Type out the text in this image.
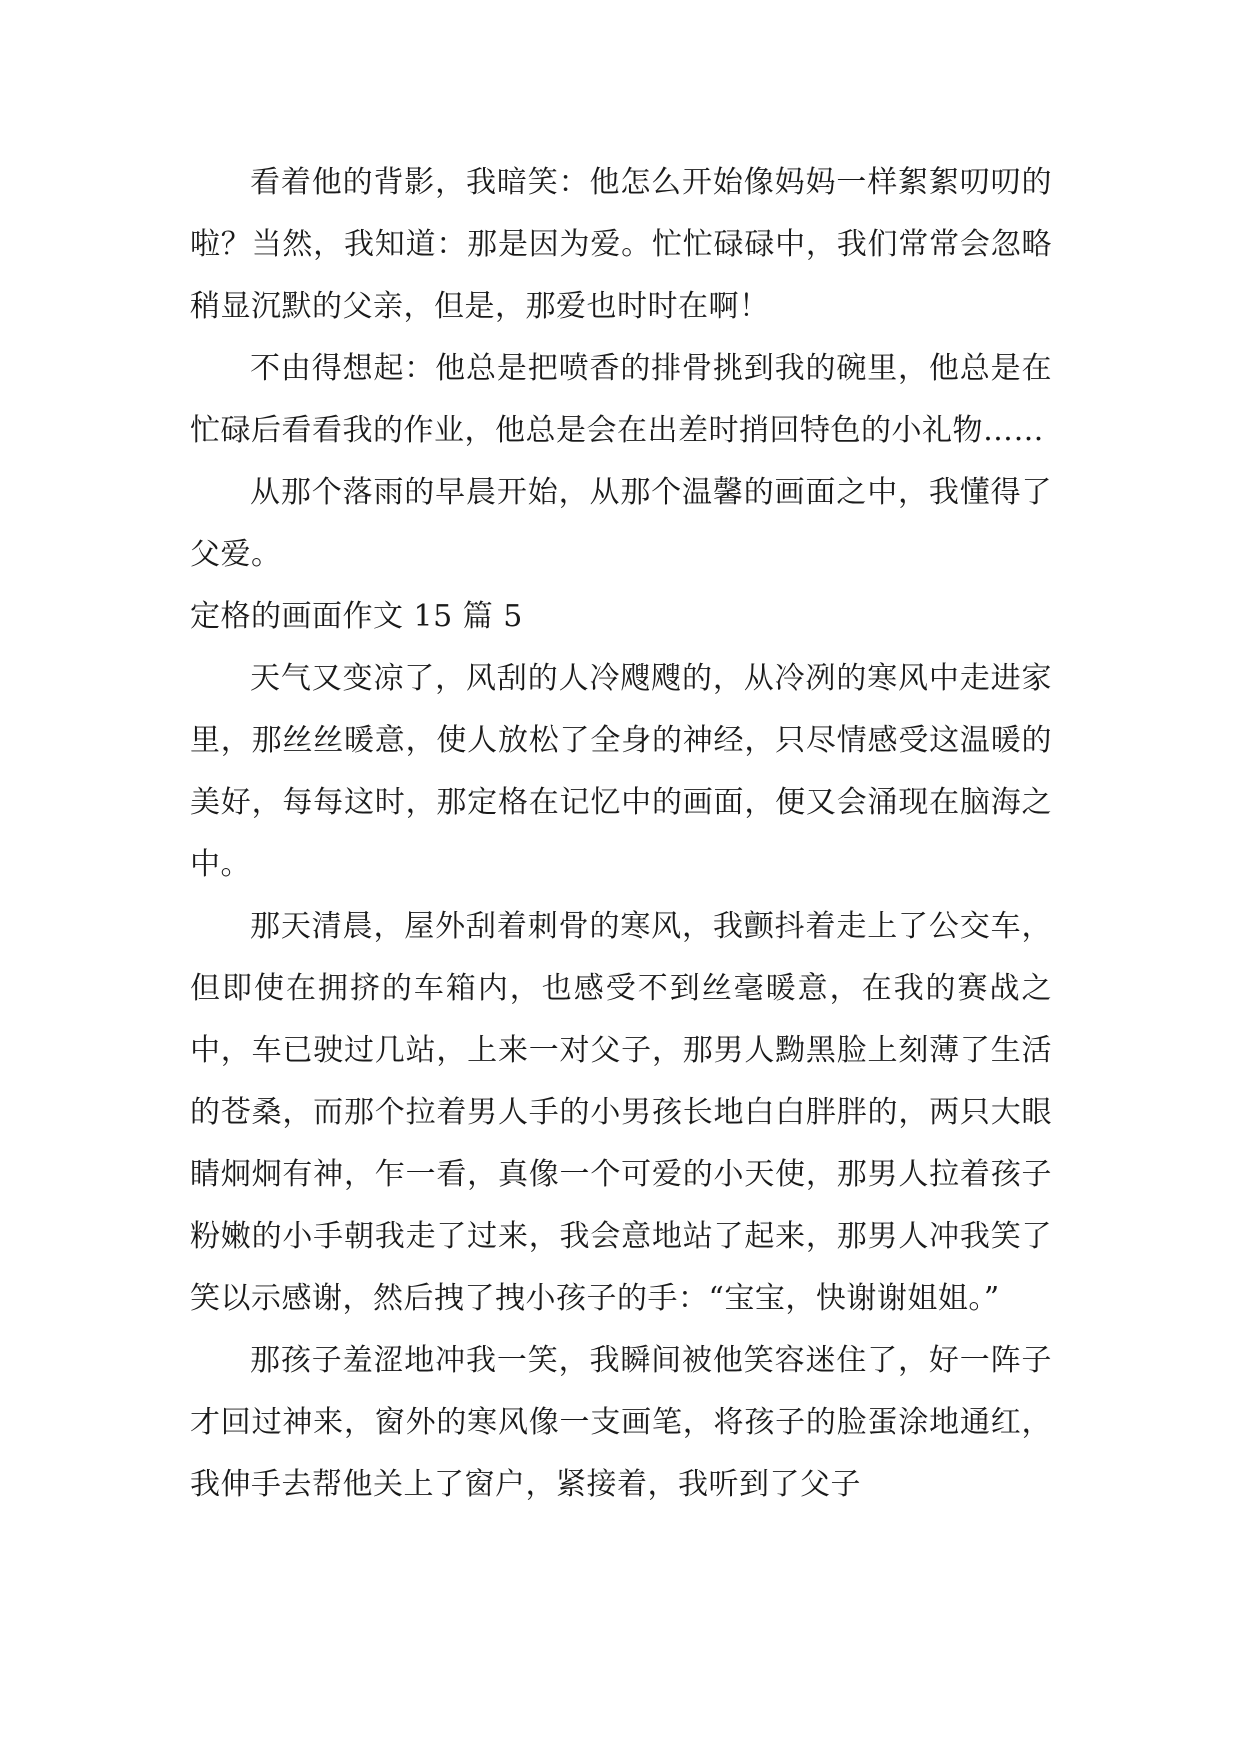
看着他的背影，我暗笑：他怎么开始像妈妈一样絮絮叨叨的啦？当然，我知道：那是因为爱。忙忙碌碌中，我们常常会忽略稍显沉默的父亲，但是，那爱也时时在啊！

不由得想起：他总是把喷香的排骨挑到我的碗里，他总是在忙碌后看看我的作业，他总是会在出差时捎回特色的小礼物……

从那个落雨的早晨开始，从那个温馨的画面之中，我懂得了父爱。

定格的画面作文 15 篇 5

天气又变凉了，风刮的人冷飕飕的，从冷冽的寒风中走进家里，那丝丝暖意，使人放松了全身的神经，只尽情感受这温暖的美好，每每这时，那定格在记忆中的画面，便又会涌现在脑海之中。

那天清晨，屋外刮着刺骨的寒风，我颤抖着走上了公交车，但即使在拥挤的车箱内，也感受不到丝毫暖意，在我的赛战之中，车已驶过几站，上来一对父子，那男人黝黑脸上刻薄了生活的苍桑，而那个拉着男人手的小男孩长地白白胖胖的，两只大眼睛炯炯有神，乍一看，真像一个可爱的小天使，那男人拉着孩子粉嫩的小手朝我走了过来，我会意地站了起来，那男人冲我笑了笑以示感谢，然后拽了拽小孩子的手：“宝宝，快谢谢姐姐。”

那孩子羞涩地冲我一笑，我瞬间被他笑容迷住了，好一阵子才回过神来，窗外的寒风像一支画笔，将孩子的脸蛋涂地通红，我伸手去帮他关上了窗户，紧接着，我听到了父子
